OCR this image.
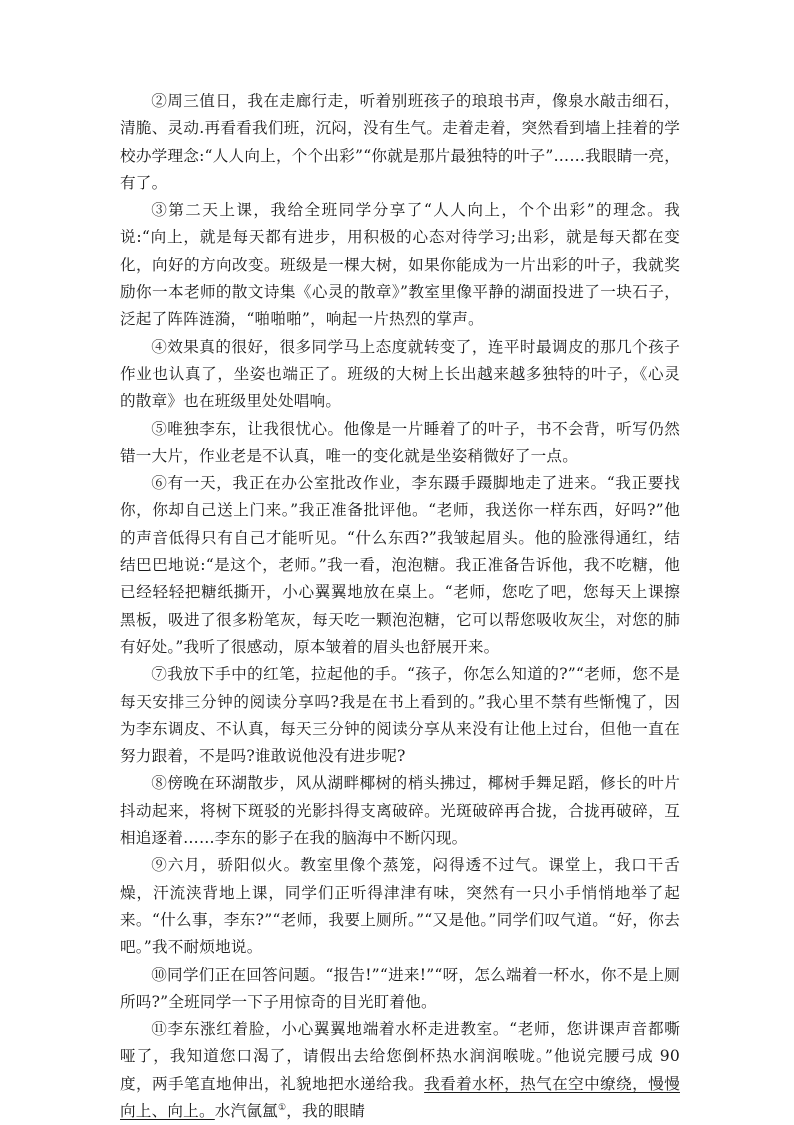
②周三值日，我在走廊行走，听着别班孩子的琅琅书声，像泉水敲击细石，清脆、灵动.再看看我们班，沉闷，没有生气。走着走着，突然看到墙上挂着的学校办学理念:“人人向上，个个出彩”“你就是那片最独特的叶子”……我眼睛一亮，有了。

③第二天上课，我给全班同学分享了“人人向上，个个出彩”的理念。我说:“向上，就是每天都有进步，用积极的心态对待学习;出彩，就是每天都在变化，向好的方向改变。班级是一棵大树，如果你能成为一片出彩的叶子，我就奖励你一本老师的散文诗集《心灵的散章》”教室里像平静的湖面投进了一块石子，泛起了阵阵涟漪，“啪啪啪”，响起一片热烈的掌声。

④效果真的很好，很多同学马上态度就转变了，连平时最调皮的那几个孩子作业也认真了，坐姿也端正了。班级的大树上长出越来越多独特的叶子，《心灵的散章》也在班级里处处唱响。

⑤唯独李东，让我很忧心。他像是一片睡着了的叶子，书不会背，听写仍然错一大片，作业老是不认真，唯一的变化就是坐姿稍微好了一点。

⑥有一天，我正在办公室批改作业，李东蹑手蹑脚地走了进来。“我正要找你，你却自己送上门来。”我正准备批评他。“老师，我送你一样东西，好吗?”他的声音低得只有自己才能听见。“什么东西?”我皱起眉头。他的脸涨得通红，结结巴巴地说:“是这个，老师。”我一看，泡泡糖。我正准备告诉他，我不吃糖，他已经轻轻把糖纸撕开，小心翼翼地放在桌上。“老师，您吃了吧，您每天上课擦黑板，吸进了很多粉笔灰，每天吃一颗泡泡糖，它可以帮您吸收灰尘，对您的肺有好处。”我听了很感动，原本皱着的眉头也舒展开来。

⑦我放下手中的红笔，拉起他的手。“孩子，你怎么知道的?”“老师，您不是每天安排三分钟的阅读分享吗?我是在书上看到的。”我心里不禁有些惭愧了，因为李东调皮、不认真，每天三分钟的阅读分享从来没有让他上过台，但他一直在努力跟着，不是吗?谁敢说他没有进步呢?

⑧傍晚在环湖散步，风从湖畔椰树的梢头拂过，椰树手舞足蹈，修长的叶片抖动起来，将树下斑驳的光影抖得支离破碎。光斑破碎再合拢，合拢再破碎，互相追逐着……李东的影子在我的脑海中不断闪现。

⑨六月，骄阳似火。教室里像个蒸笼，闷得透不过气。课堂上，我口干舌燥，汗流浃背地上课，同学们正听得津津有味，突然有一只小手悄悄地举了起来。“什么事，李东?”“老师，我要上厕所。”“又是他。”同学们叹气道。“好，你去吧。”我不耐烦地说。

⑩同学们正在回答问题。“报告!”“进来!”“呀，怎么端着一杯水，你不是上厕所吗?”全班同学一下子用惊奇的目光盯着他。

⑪李东涨红着脸，小心翼翼地端着水杯走进教室。“老师，您讲课声音都嘶哑了，我知道您口渴了，请假出去给您倒杯热水润润喉咙。”他说完腰弓成 90 度，两手笔直地伸出，礼貌地把水递给我。我看着水杯，热气在空中缭绕，慢慢向上、向上。水汽氤氲①，我的眼睛
